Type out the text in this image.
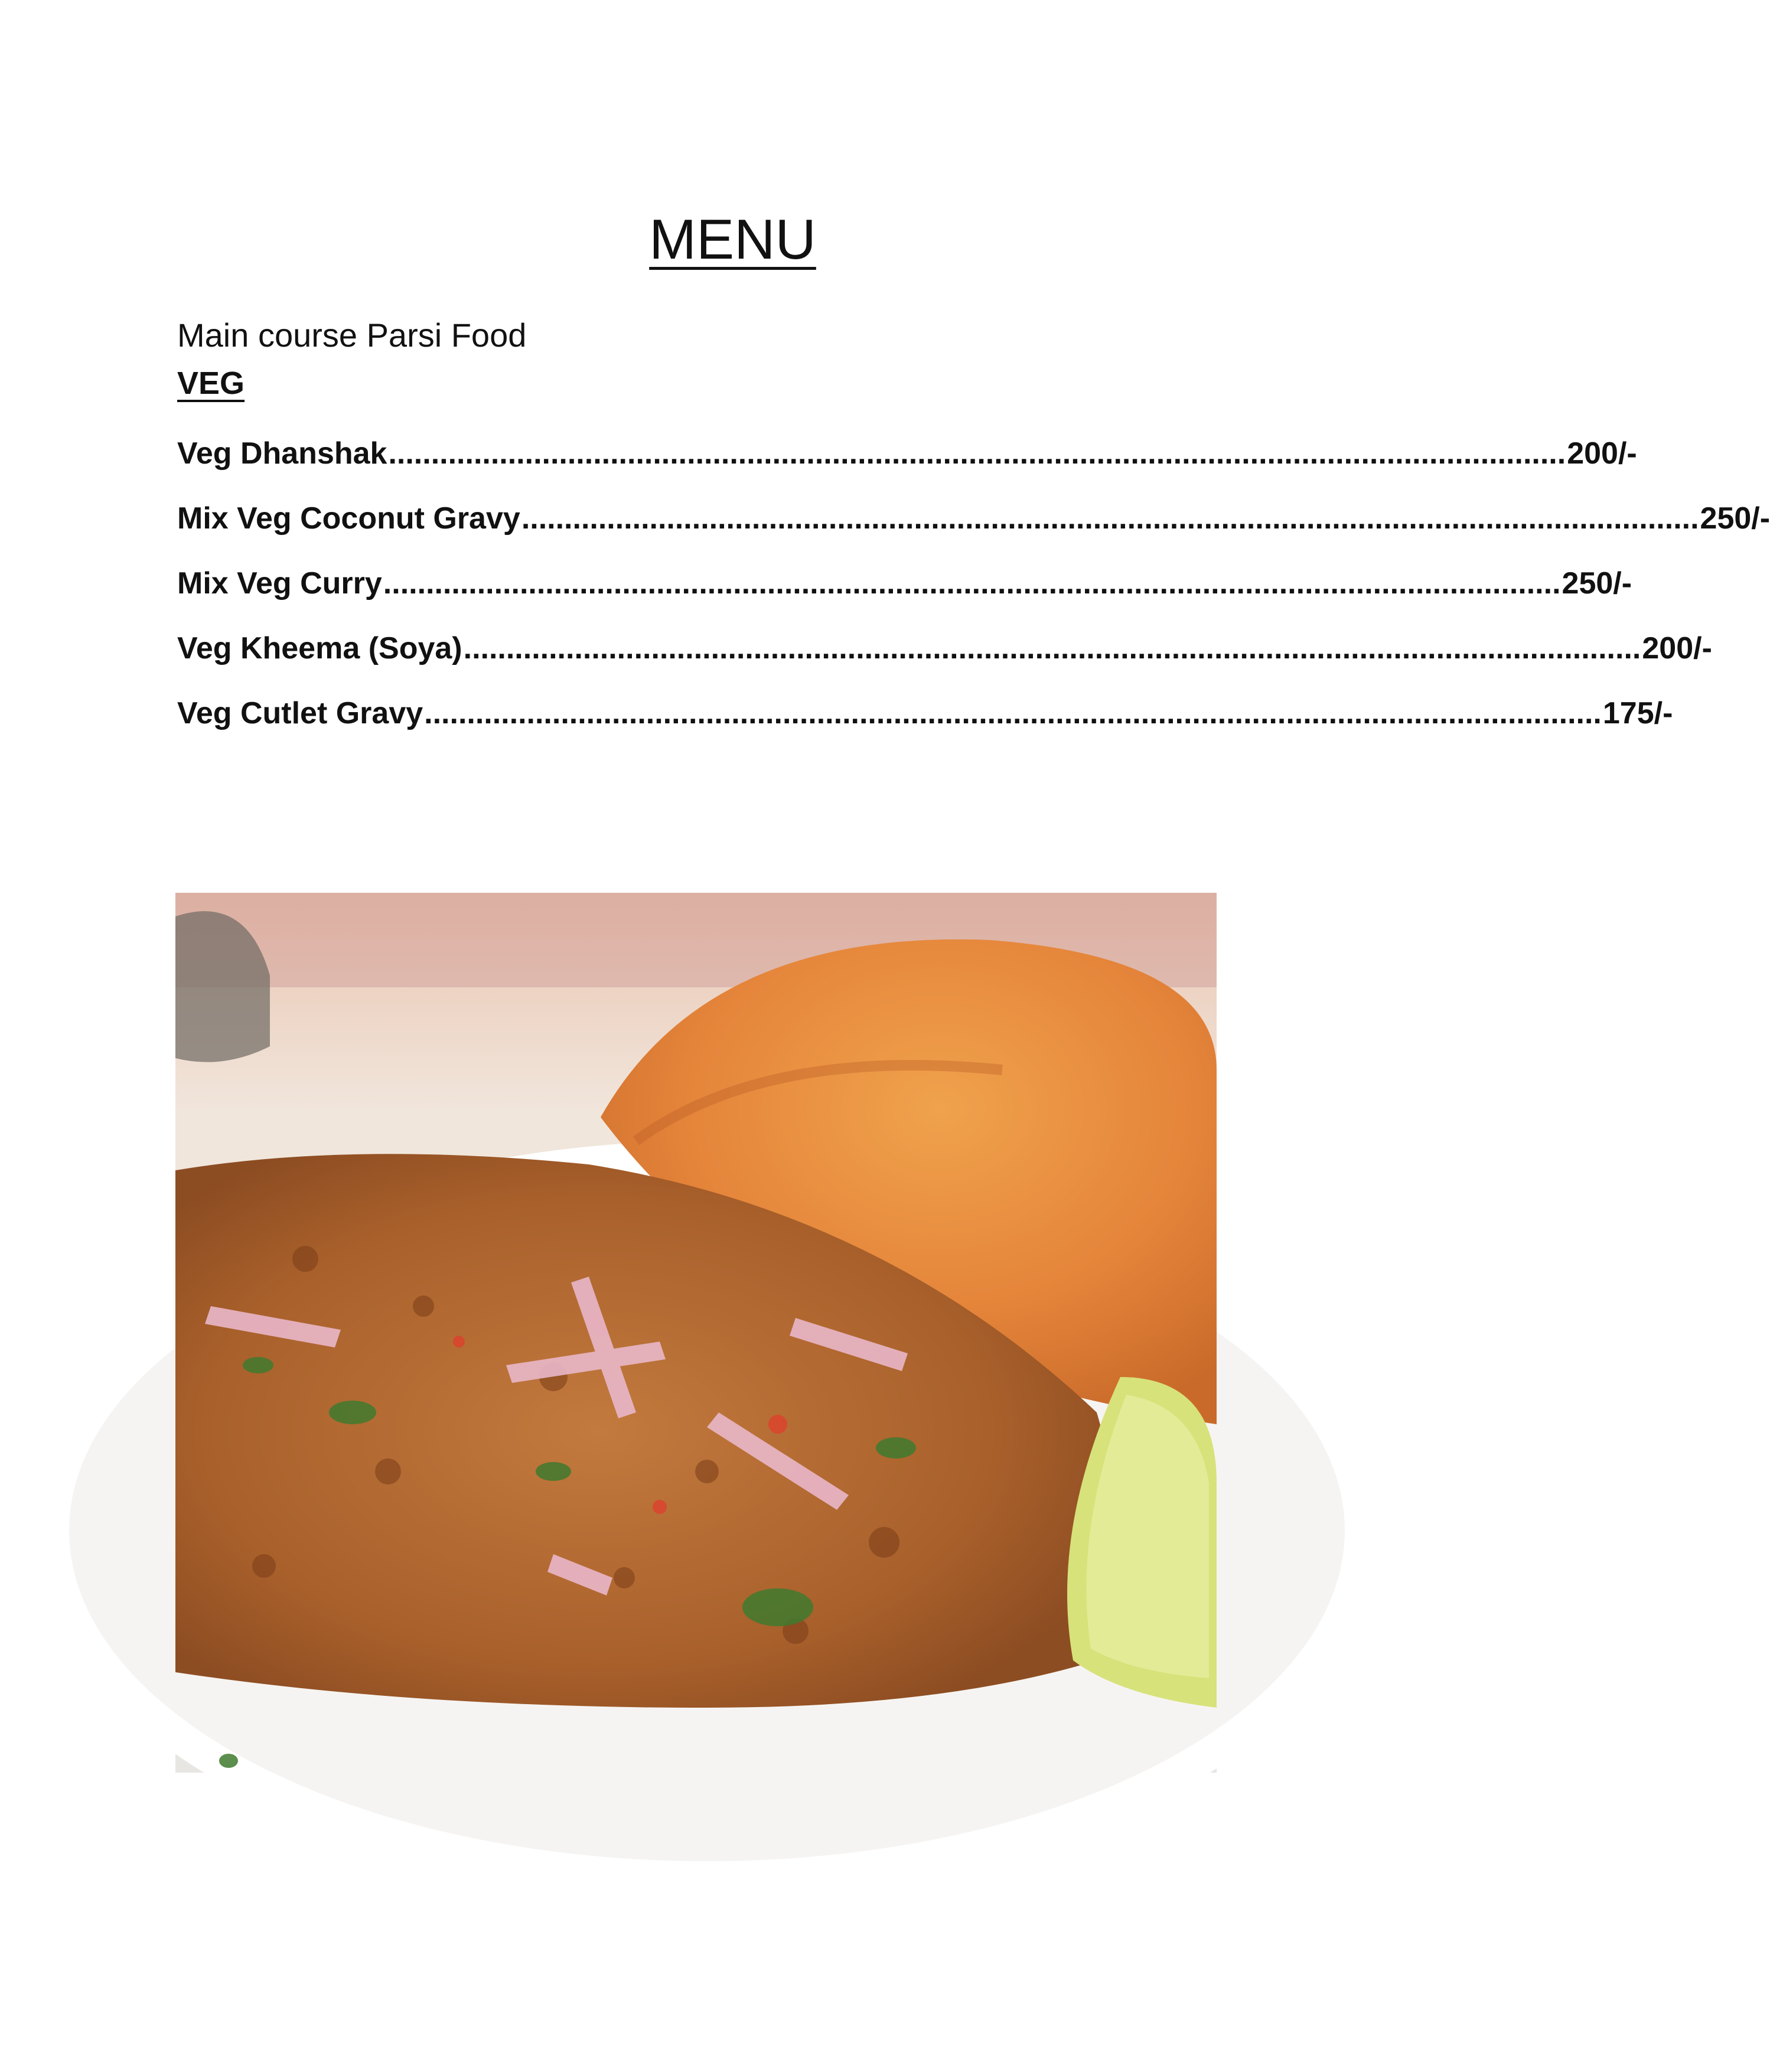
MENU
Main course Parsi Food
VEG
Veg Dhanshak .......................................................................................................................................... 200/-
Mix Veg Coconut Gravy .......................................................................................................................................... 250/-
Mix Veg Curry .......................................................................................................................................... 250/-
Veg Kheema (Soya) .......................................................................................................................................... 200/-
Veg Cutlet Gravy .......................................................................................................................................... 175/-
